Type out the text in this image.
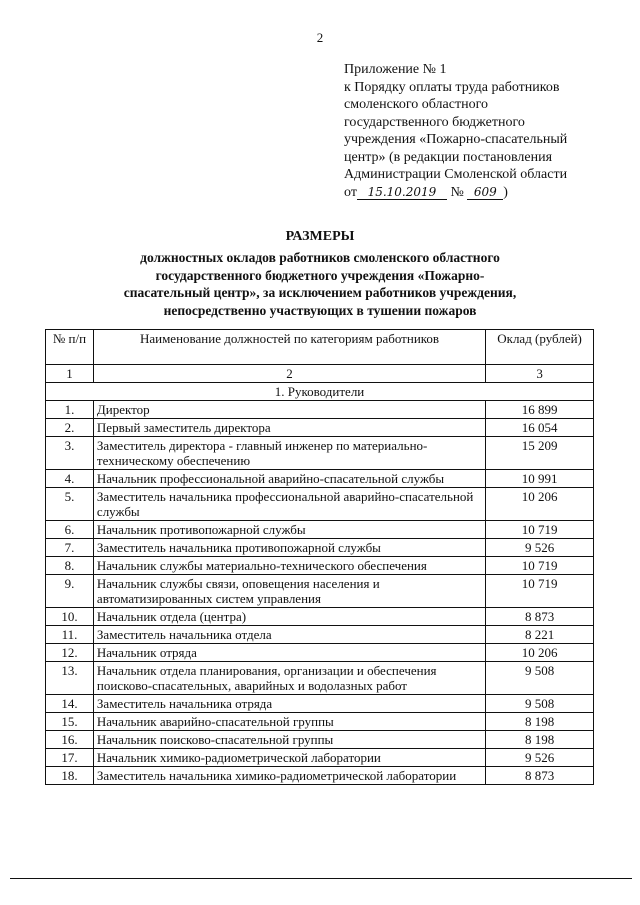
2
Приложение № 1
к Порядку оплаты труда работников
смоленского областного
государственного бюджетного
учреждения «Пожарно-спасательный
центр» (в редакции постановления
Администрации Смоленской области
от 15.10.2019 № 609 )
РАЗМЕРЫ
должностных окладов работников смоленского областного
государственного бюджетного учреждения «Пожарно-
спасательный центр», за исключением работников учреждения,
непосредственно участвующих в тушении пожаров
№ п/п	Наименование должностей по категориям работников	Оклад (рублей)
1	2	3
1. Руководители		
1.	Директор	16 899
2.	Первый заместитель директора	16 054
3.	Заместитель директора - главный инженер по материально-техническому обеспечению	15 209
4.	Начальник профессиональной аварийно-спасательной службы	10 991
5.	Заместитель начальника профессиональной аварийно-спасательной службы	10 206
6.	Начальник противопожарной службы	10 719
7.	Заместитель начальника противопожарной службы	9 526
8.	Начальник службы материально-технического обеспечения	10 719
9.	Начальник службы связи, оповещения населения и автоматизированных систем управления	10 719
10.	Начальник отдела (центра)	8 873
11.	Заместитель начальника отдела	8 221
12.	Начальник отряда	10 206
13.	Начальник отдела планирования, организации и обеспечения поисково-спасательных, аварийных и водолазных работ	9 508
14.	Заместитель начальника отряда	9 508
15.	Начальник аварийно-спасательной группы	8 198
16.	Начальник поисково-спасательной группы	8 198
17.	Начальник химико-радиометрической лаборатории	9 526
18.	Заместитель начальника химико-радиометрической лаборатории	8 873
